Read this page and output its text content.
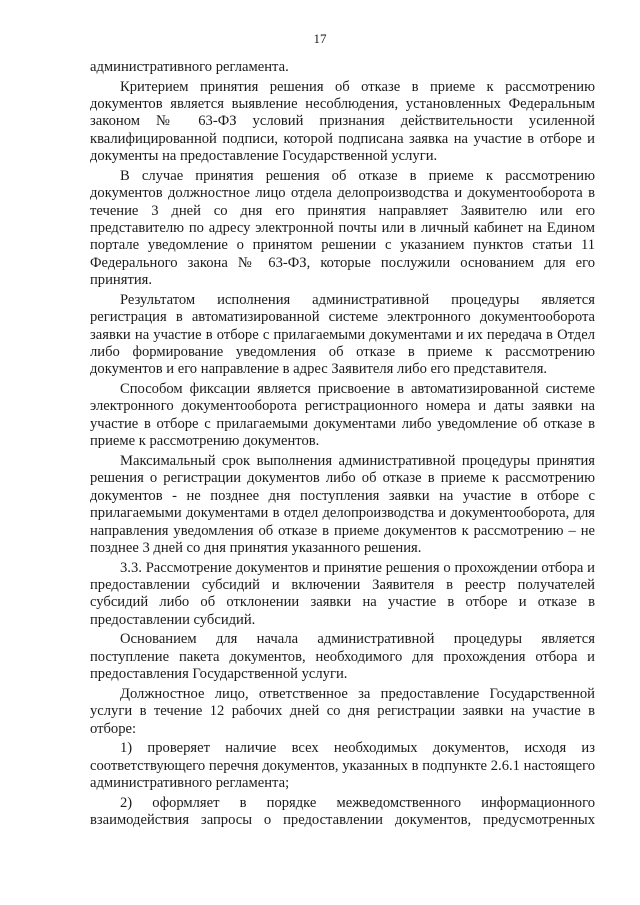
17

административного регламента.

Критерием принятия решения об отказе в приеме к рассмотрению документов является выявление несоблюдения, установленных Федеральным законом № 63-ФЗ условий признания действительности усиленной квалифицированной подписи, которой подписана заявка на участие в отборе и документы на предоставление Государственной услуги.

В случае принятия решения об отказе в приеме к рассмотрению документов должностное лицо отдела делопроизводства и документооборота в течение 3 дней со дня его принятия направляет Заявителю или его представителю по адресу электронной почты или в личный кабинет на Едином портале уведомление о принятом решении с указанием пунктов статьи 11 Федерального закона № 63-ФЗ, которые послужили основанием для его принятия.

Результатом исполнения административной процедуры является регистрация в автоматизированной системе электронного документооборота заявки на участие в отборе с прилагаемыми документами и их передача в Отдел либо формирование уведомления об отказе в приеме к рассмотрению документов и его направление в адрес Заявителя либо его представителя.

Способом фиксации является присвоение в автоматизированной системе электронного документооборота регистрационного номера и даты заявки на участие в отборе с прилагаемыми документами либо уведомление об отказе в приеме к рассмотрению документов.

Максимальный срок выполнения административной процедуры принятия решения о регистрации документов либо об отказе в приеме к рассмотрению документов - не позднее дня поступления заявки на участие в отборе с прилагаемыми документами в отдел делопроизводства и документооборота, для направления уведомления об отказе в приеме документов к рассмотрению – не позднее 3 дней со дня принятия указанного решения.

3.3. Рассмотрение документов и принятие решения о прохождении отбора и предоставлении субсидий и включении Заявителя в реестр получателей субсидий либо об отклонении заявки на участие в отборе и отказе в предоставлении субсидий.

Основанием для начала административной процедуры является поступление пакета документов, необходимого для прохождения отбора и предоставления Государственной услуги.

Должностное лицо, ответственное за предоставление Государственной услуги в течение 12 рабочих дней со дня регистрации заявки на участие в отборе:

1) проверяет наличие всех необходимых документов, исходя из соответствующего перечня документов, указанных в подпункте 2.6.1 настоящего административного регламента;

2) оформляет в порядке межведомственного информационного взаимодействия запросы о предоставлении документов, предусмотренных
